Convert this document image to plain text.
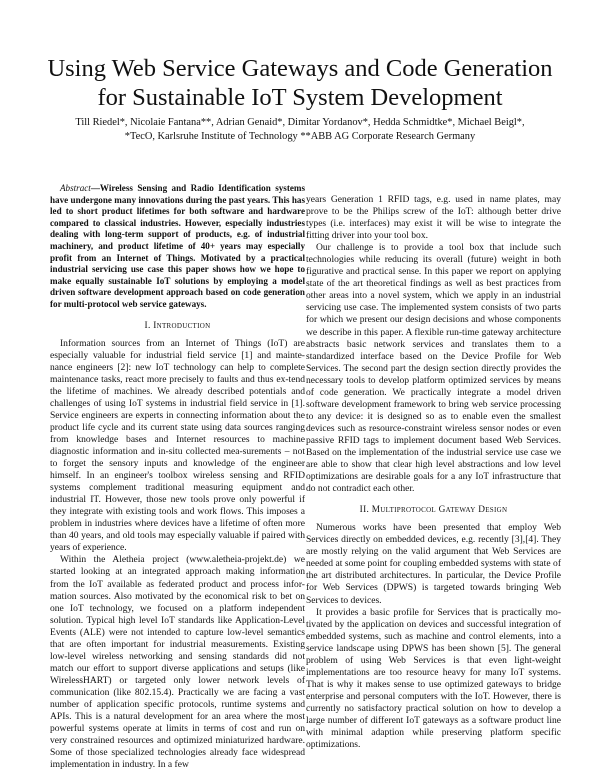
Using Web Service Gateways and Code Generation
for Sustainable IoT System Development
Till Riedel*, Nicolaie Fantana**, Adrian Genaid*, Dimitar Yordanov*, Hedda Schmidtke*, Michael Beigl*,
*TecO, Karlsruhe Institute of Technology **ABB AG Corporate Research Germany

Abstract—Wireless Sensing and Radio Identification systems have undergone many innovations during the past years. This has led to short product lifetimes for both software and hardware compared to classical industries. However, especially industries dealing with long-term support of products, e.g. of industrial machinery, and product lifetime of 40+ years may especially profit from an Internet of Things. Motivated by a practical industrial servicing use case this paper shows how we hope to make equally sustainable IoT solutions by employing a model driven software development approach based on code generation for multi-protocol web service gateways.

I. Introduction

Information sources from an Internet of Things (IoT) are especially valuable for industrial field service [1] and mainte-nance engineers [2]: new IoT technology can help to complete maintenance tasks, react more precisely to faults and thus ex-tend the lifetime of machines. We already described potentials and challenges of using IoT systems in industrial field service in [1]. Service engineers are experts in connecting information about the product life cycle and its current state using data sources ranging from knowledge bases and Internet resources to machine diagnostic information and in-situ collected mea-surements – not to forget the sensory inputs and knowledge of the engineer himself. In an engineer's toolbox wireless sensing and RFID systems complement traditional measuring equipment and industrial IT. However, those new tools prove only powerful if they integrate with existing tools and work flows. This imposes a problem in industries where devices have a lifetime of often more than 40 years, and old tools may especially valuable if paired with years of experience.

Within the Aletheia project (www.aletheia-projekt.de) we started looking at an integrated approach making information from the IoT available as federated product and process infor-mation sources. Also motivated by the economical risk to bet on one IoT technology, we focused on a platform independent solution. Typical high level IoT standards like Application-Level Events (ALE) were not intended to capture low-level semantics that are often important for industrial measurements. Existing low-level wireless networking and sensing standards did not match our effort to support diverse applications and setups (like WirelessHART) or targeted only lower network levels of communication (like 802.15.4). Practically we are facing a vast number of application specific protocols, runtime systems and APIs. This is a natural development for an area where the most powerful systems operate at limits in terms of cost and run on very constrained resources and optimized miniaturized hardware. Some of those specialized technologies already face widespread implementation in industry. In a few

years Generation 1 RFID tags, e.g. used in name plates, may prove to be the Philips screw of the IoT: although better drive types (i.e. interfaces) may exist it will be wise to integrate the fitting driver into your tool box.

Our challenge is to provide a tool box that include such technologies while reducing its overall (future) weight in both figurative and practical sense. In this paper we report on applying state of the art theoretical findings as well as best practices from other areas into a novel system, which we apply in an industrial servicing use case. The implemented system consists of two parts for which we present our design decisions and whose components we describe in this paper. A flexible run-time gateway architecture abstracts basic network services and translates them to a standardized interface based on the Device Profile for Web Services. The second part the design section directly provides the necessary tools to develop platform optimized services by means of code generation. We practically integrate a model driven software development framework to bring web service processing to any device: it is designed so as to enable even the smallest devices such as resource-constraint wireless sensor nodes or even passive RFID tags to implement document based Web Services. Based on the implementation of the industrial service use case we are able to show that clear high level abstractions and low level optimizations are desirable goals for a any IoT infrastructure that do not contradict each other.

II. Multiprotocol Gateway Design

Numerous works have been presented that employ Web Services directly on embedded devices, e.g. recently [3],[4]. They are mostly relying on the valid argument that Web Services are needed at some point for coupling embedded systems with state of the art distributed architectures. In particular, the Device Profile for Web Services (DPWS) is targeted towards bringing Web Services to devices.

It provides a basic profile for Services that is practically mo-tivated by the application on devices and successful integration of embedded systems, such as machine and control elements, into a service landscape using DPWS has been shown [5]. The general problem of using Web Services is that even light-weight implementations are too resource heavy for many IoT systems. That is why it makes sense to use optimized gateways to bridge enterprise and personal computers with the IoT. However, there is currently no satisfactory practical solution on how to develop a large number of different IoT gateways as a software product line with minimal adaption while preserving platform specific optimizations.
